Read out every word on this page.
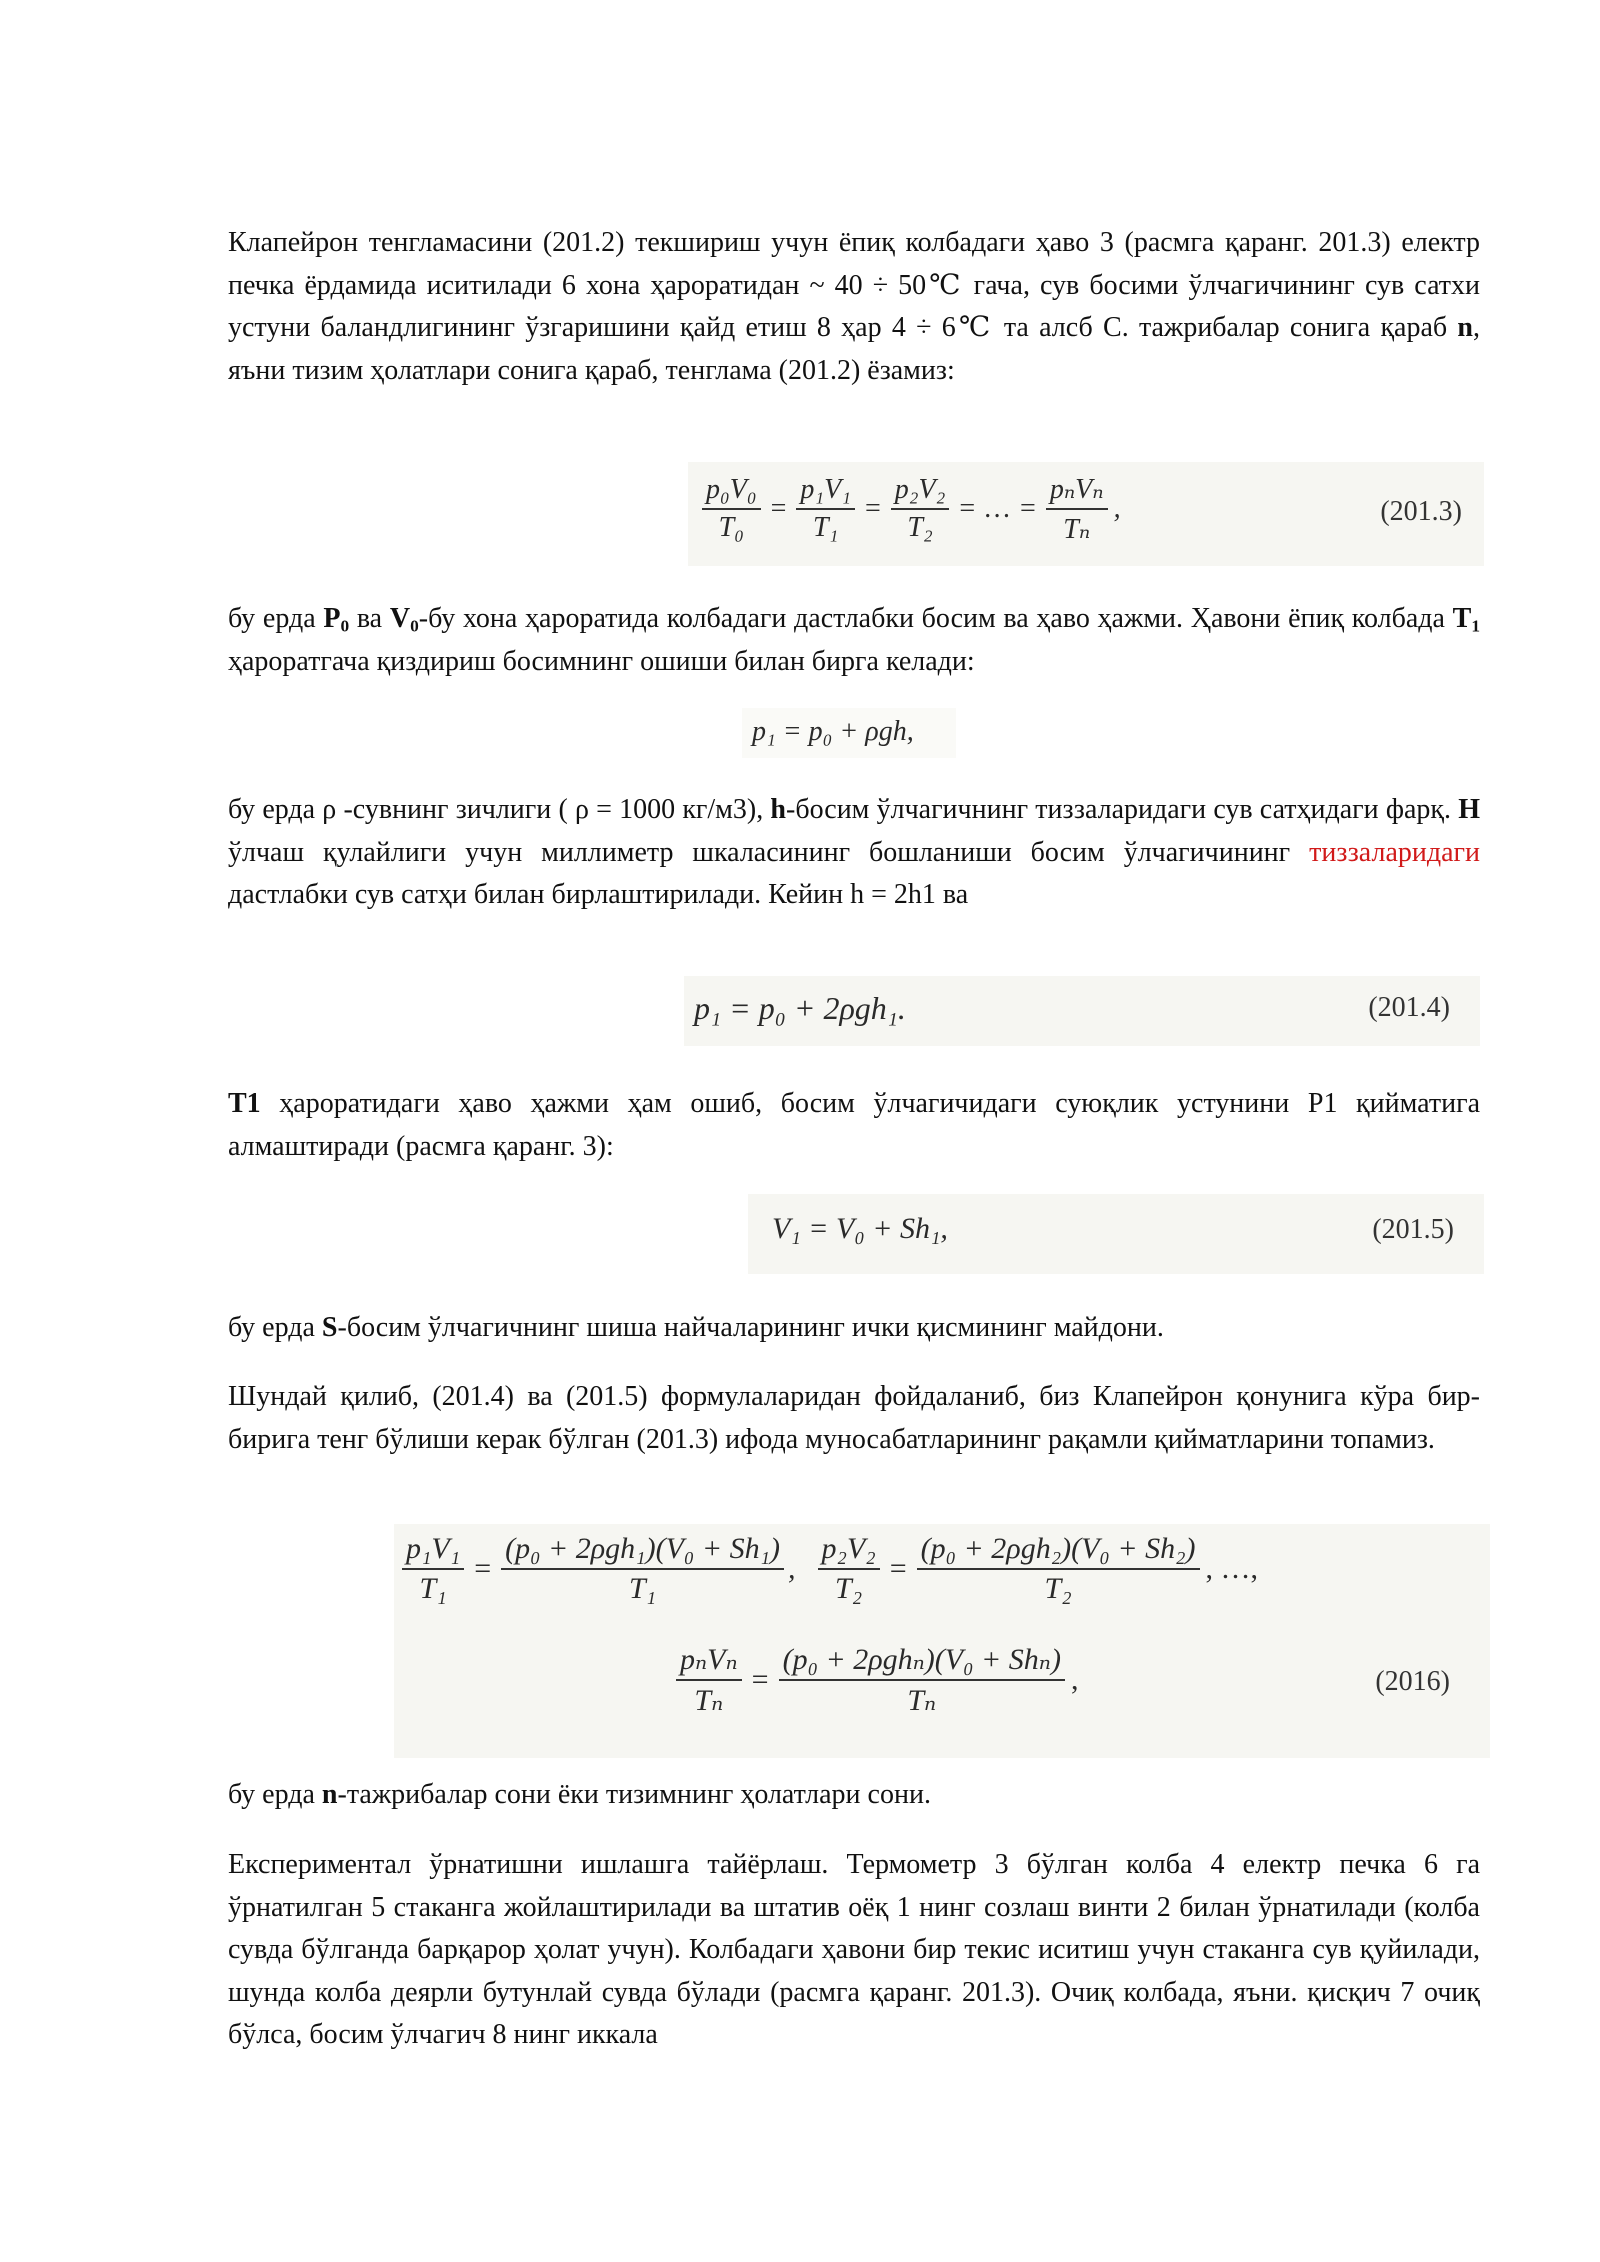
Клапейрон тенгламасини (201.2) текшириш учун ёпиқ колбадаги ҳаво 3 (расмга қаранг. 201.3) електр печка ёрдамида иситилади 6 хона ҳароратидан ~ 40 ÷ 50℃ гача, сув босими ўлчагичининг сув сатхи устуни баландлигининг ўзгаришини қайд етиш 8 ҳар 4 ÷ 6℃ та алсб C. тажрибалар сонига қараб n, яъни тизим ҳолатлари сонига қараб, тенглама (201.2) ёзамиз:

$\frac{\text{p₀V₀}}{\text{T₀}} = \frac{\text{p₁V₁}}{\text{T₁}} = \frac{\text{p₂V₂}}{\text{T₂}}$ = … = $\frac{\text{pₙVₙ}}{\text{Tₙ}}$ ,	(201.3)

бу ерда $P_0$ ва $V_0-бу$ хона ҳароратида колбадаги дастлабки босим ва ҳаво ҳажми. Ҳавони ёпиқ колбада $T_1$ ҳароратгача қиздириш босимнинг ошиши билан бирга келади:

p₁ = p₀ + ρgh,

бу ерда ρ -сувнинг зичлиги ( ρ = 1000 кг/м3), h-босим ўлчагичнинг тиззаларидаги сув сатҳидаги фарқ. H ўлчаш қулайлиги учун миллиметр шкаласининг бошланиши босим ўлчагичининг тиззаларидаги дастлабки сув сатҳи билан бирлаштирилади. Кейин h = 2h1 ва

p₁ = p₀ + 2ρgh₁.	(201.4)

T1 ҳароратидаги ҳаво ҳажми ҳам ошиб, босим ўлчагичидаги суюқлик устунини P1 қийматига алмаштиради (расмга қаранг. 3):

V₁ = V₀ + Sh₁,	(201.5)

бу ерда S-босим ўлчагичнинг шиша найчаларининг ички қисмининг майдони.

Шундай қилиб, (201.4) ва (201.5) формулаларидан фойдаланиб, биз Клапейрон қонунига кўра бир-бирига тенг бўлиши керак бўлган (201.3) ифода муносабатларининг рақамли қийматларини топамиз.

$\frac{\text{p₁V₁}}{\text{T₁}} = \frac{\text{(p₀ + 2ρgh₁)(V₀ + Sh₁)}}{\text{T₁}}$ , $\frac{\text{p₂V₂}}{\text{T₂}} = \frac{\text{(p₀ + 2ρgh₂)(V₀ + Sh₂)}}{\text{T₂}}$ , …,
$\frac{\text{pₙVₙ}}{\text{Tₙ}} = \frac{\text{(p₀ + 2ρghₙ)(V₀ + Shₙ)}}{\text{Tₙ}}$ ,	(2016)

бу ерда n-тажрибалар сони ёки тизимнинг ҳолатлари сони.

Експериментал ўрнатишни ишлашга тайёрлаш. Термометр 3 бўлган колба 4 електр печка 6 га ўрнатилган 5 стаканга жойлаштирилади ва штатив оёқ 1 нинг созлаш винти 2 билан ўрнатилади (колба сувда бўлганда барқарор ҳолат учун). Колбадаги ҳавони бир текис иситиш учун стаканга сув қуйилади, шунда колба деярли бутунлай сувда бўлади (расмга қаранг. 201.3). Очиқ колбада, яъни. қисқич 7 очиқ бўлса, босим ўлчагич 8 нинг иккала
